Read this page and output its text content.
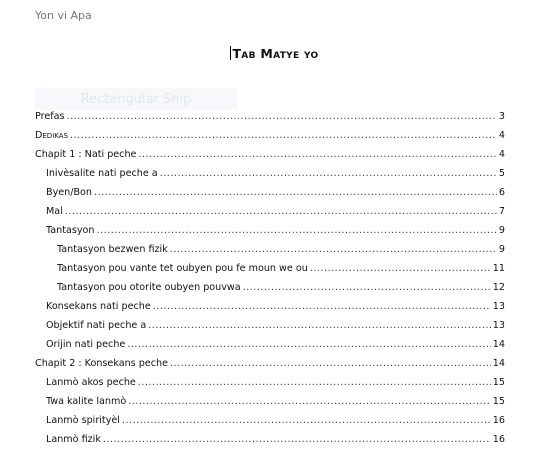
Yon vi Apa
Tab Matye yo
Rectangular Snip
Prefas .....	3
Dedikas .....	4
Chapit 1 : Nati peche .....	4
Inivèsalite nati peche a .....	5
Byen/Bon .....	6
Mal .....	7
Tantasyon .....	9
Tantasyon bezwen fizik .....	9
Tantasyon pou vante tet oubyen pou fe moun we ou .....	11
Tantasyon pou otorite oubyen pouvwa .....	12
Konsekans nati peche .....	13
Objektif nati peche a .....	13
Orijin nati peche .....	14
Chapit 2 : Konsekans peche .....	14
Lanmò akos peche .....	15
Twa kalite lanmò .....	15
Lanmò spirityèl .....	16
Lanmò fizik .....	16
